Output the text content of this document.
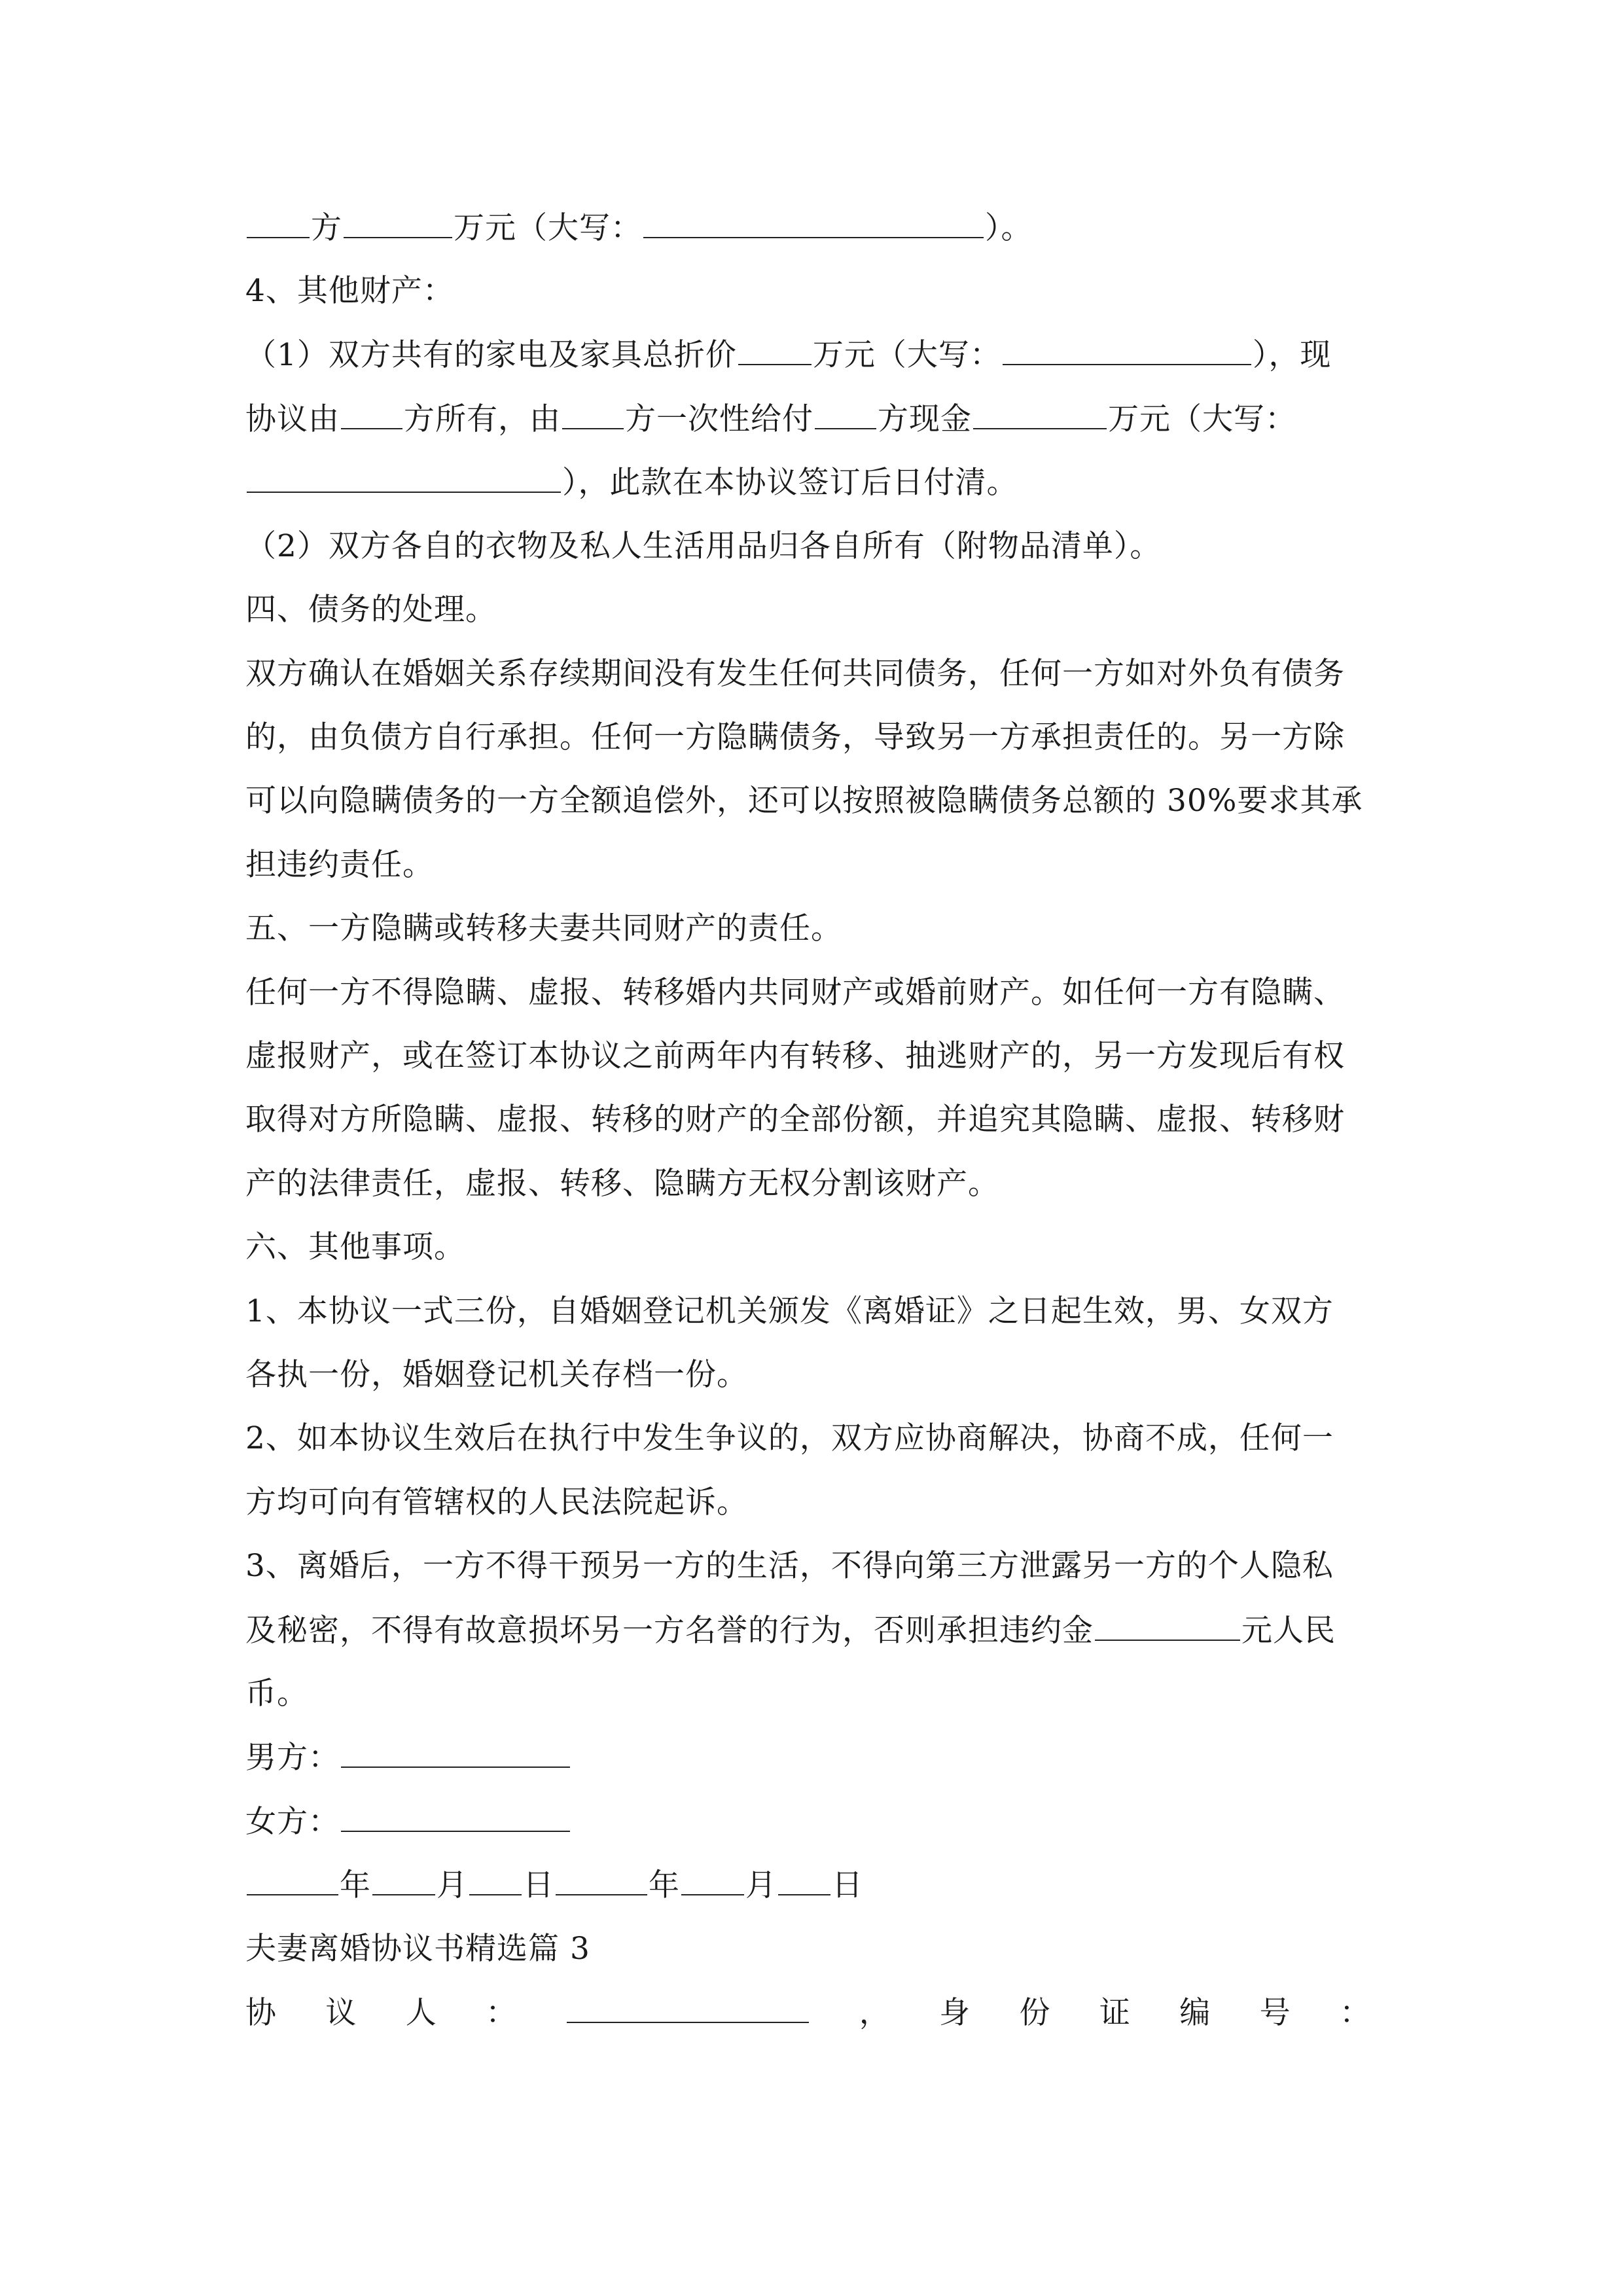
方	万元（大写：	）。
4、其他财产：
（1）双方共有的家电及家具总折价 万元（大写：	），现
协议由 方所有，由 方一次性给付 方现金	万元（大写：
），此款在本协议签订后日付清。
（2）双方各自的衣物及私人生活用品归各自所有（附物品清单）。
四、债务的处理。
双方确认在婚姻关系存续期间没有发生任何共同债务，任何一方如对外负有债务
的，由负债方自行承担。任何一方隐瞒债务，导致另一方承担责任的。另一方除
可以向隐瞒债务的一方全额追偿外，还可以按照被隐瞒债务总额的 30%要求其承
担违约责任。
五、一方隐瞒或转移夫妻共同财产的责任。
任何一方不得隐瞒、虚报、转移婚内共同财产或婚前财产。如任何一方有隐瞒、
虚报财产，或在签订本协议之前两年内有转移、抽逃财产的，另一方发现后有权
取得对方所隐瞒、虚报、转移的财产的全部份额，并追究其隐瞒、虚报、转移财
产的法律责任，虚报、转移、隐瞒方无权分割该财产。
六、其他事项。
1、本协议一式三份，自婚姻登记机关颁发《离婚证》之日起生效，男、女双方
各执一份，婚姻登记机关存档一份。
2、如本协议生效后在执行中发生争议的，双方应协商解决，协商不成，任何一
方均可向有管辖权的人民法院起诉。
3、离婚后，一方不得干预另一方的生活，不得向第三方泄露另一方的个人隐私
及秘密，不得有故意损坏另一方名誉的行为，否则承担违约金	元人民
币。
男方：
女方：
年 月 日	年 月 日
夫妻离婚协议书精选篇 3
协 议 人 ：	， 身 份 证 编 号 ：
